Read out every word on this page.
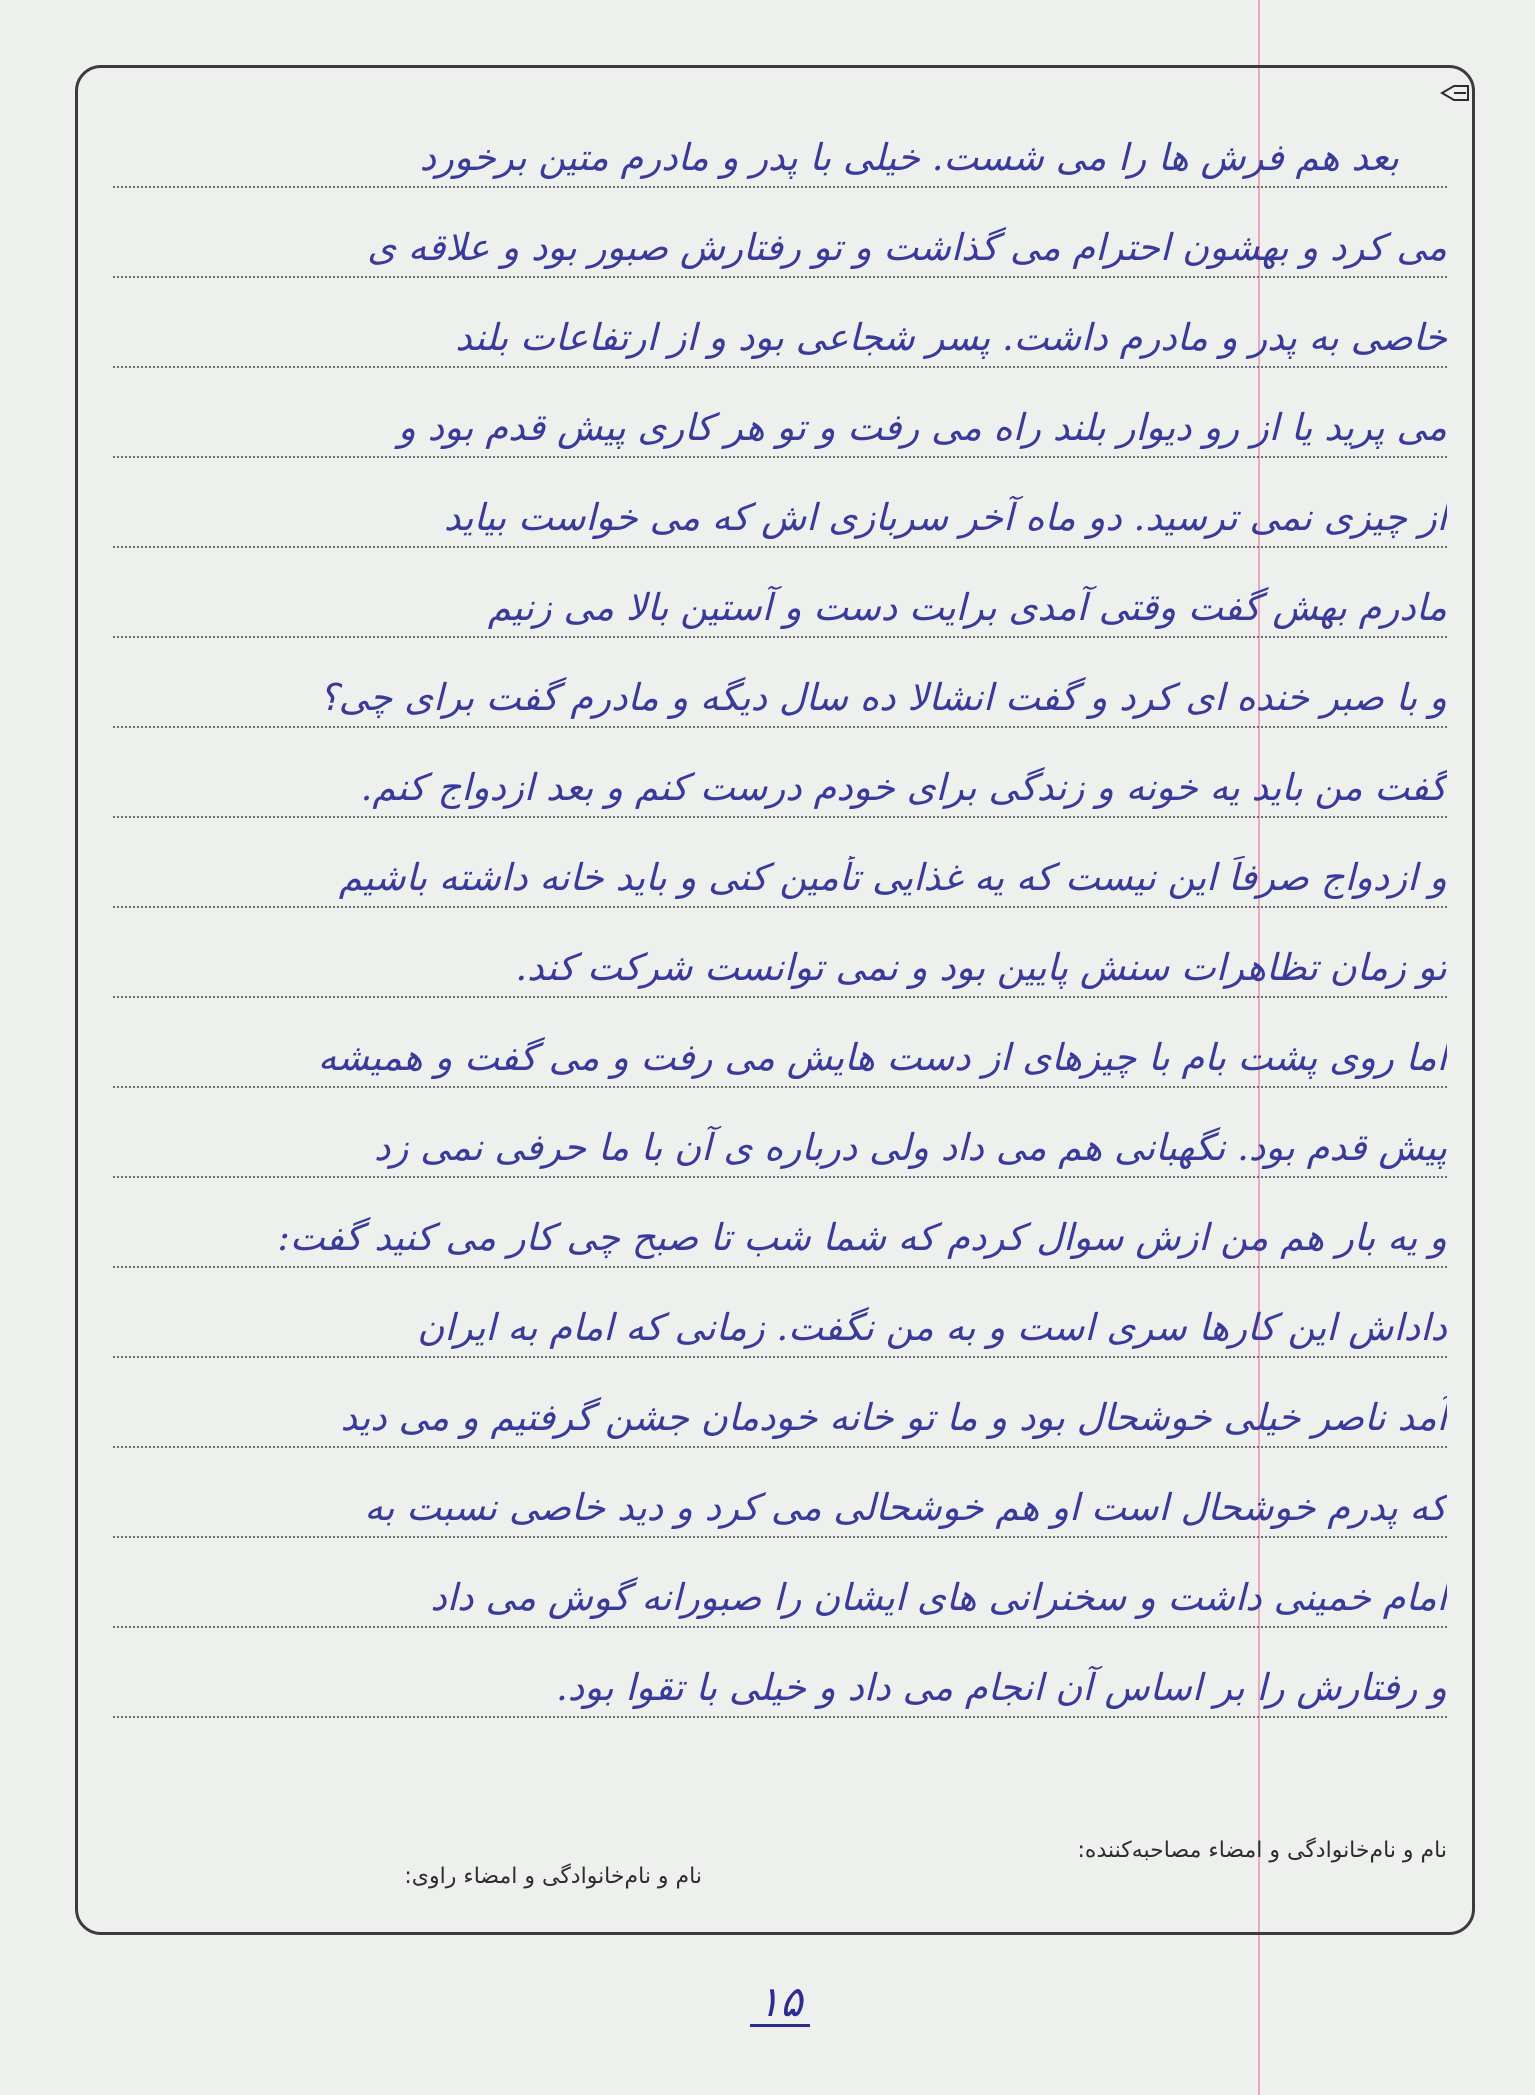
بعد هم فرش ها را می شست. خیلی با پدر و مادرم متین برخورد
می کرد و بهشون احترام می گذاشت و تو رفتارش صبور بود و علاقه ی
خاصی به پدر و مادرم داشت. پسر شجاعی بود و از ارتفاعات بلند
می پرید یا از رو دیوار بلند راه می رفت و تو هر کاری پیش قدم بود و
از چیزی نمی ترسید. دو ماه آخر سربازی اش که می خواست بیاید
مادرم بهش گفت وقتی آمدی برایت دست و آستین بالا می زنیم
و با صبر خنده ای کرد و گفت انشالا ده سال دیگه و مادرم گفت برای چی؟
گفت من باید یه خونه و زندگی برای خودم درست کنم و بعد ازدواج کنم.
و ازدواج صرفاً این نیست که یه غذایی تأمین کنی و باید خانه داشته باشیم
تو زمان تظاهرات سنش پایین بود و نمی توانست شرکت کند.
اما روی پشت بام با چیزهای از دست هایش می رفت و می گفت و همیشه
پیش قدم بود. نگهبانی هم می داد ولی درباره ی آن با ما حرفی نمی زد
و یه بار هم من ازش سوال کردم که شما شب تا صبح چی کار می کنید گفت:
داداش این کارها سری است و به من نگفت. زمانی که امام به ایران
آمد ناصر خیلی خوشحال بود و ما تو خانه خودمان جشن گرفتیم و می دید
که پدرم خوشحال است او هم خوشحالی می کرد و دید خاصی نسبت به
امام خمینی داشت و سخنرانی های ایشان را صبورانه گوش می داد
و رفتارش را بر اساس آن انجام می داد و خیلی با تقوا بود.
نام و نام‌خانوادگی و امضاء مصاحبه‌کننده:
نام و نام‌خانوادگی و امضاء راوی:
۱۵
